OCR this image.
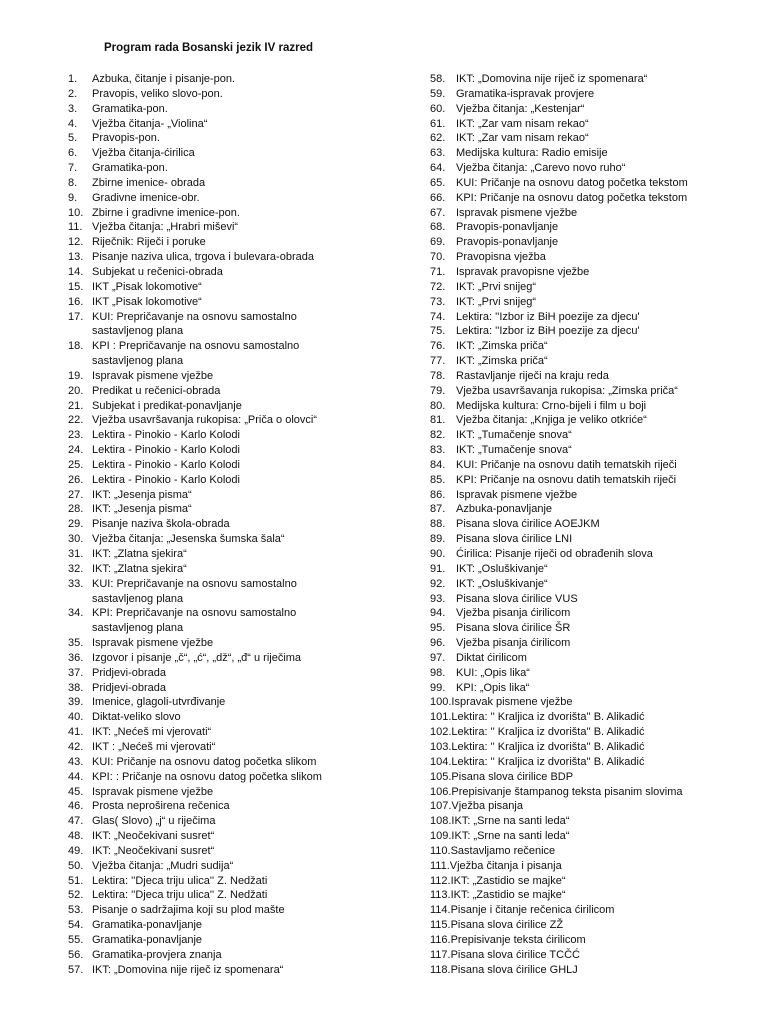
Program rada Bosanski jezik IV razred
1.	Azbuka, čitanje i pisanje-pon.
2.	Pravopis, veliko slovo-pon.
3.	Gramatika-pon.
4.	Vježba čitanja- „Violina“
5.	Pravopis-pon.
6.	Vježba čitanja-ćirilica
7.	Gramatika-pon.
8.	Zbirne imenice- obrada
9.	Gradivne imenice-obr.
10. Zbirne i gradivne imenice-pon.
11. Vježba čitanja: „Hrabri miševi“
12. Riječnik: Riječi i poruke
13. Pisanje naziva ulica, trgova i bulevara-obrada
14. Subjekat u rečenici-obrada
15. IKT „Pisak lokomotive“
16. IKT „Pisak lokomotive“
17. KUI: Prepričavanje na osnovu samostalno
sastavljenog plana
18. KPI : Prepričavanje na osnovu samostalno
sastavljenog plana
19. Ispravak pismene vježbe
20. Predikat u rečenici-obrada
21. Subjekat i predikat-ponavljanje
22. Vježba usavršavanja rukopisa: „Priča o olovci“
23. Lektira - Pinokio - Karlo Kolodi
24. Lektira - Pinokio - Karlo Kolodi
25. Lektira - Pinokio - Karlo Kolodi
26. Lektira - Pinokio - Karlo Kolodi
27. IKT: „Jesenja pisma“
28. IKT: „Jesenja pisma“
29. Pisanje naziva škola-obrada
30. Vježba čitanja: „Jesenska šumska šala“
31. IKT: „Zlatna sjekira“
32. IKT: „Zlatna sjekira“
33. KUI: Prepričavanje na osnovu samostalno
sastavljenog plana
34. KPI: Prepričavanje na osnovu samostalno
sastavljenog plana
35. Ispravak pismene vježbe
36. Izgovor i pisanje „č“, „ć“, „dž“, „đ“ u riječima
37. Pridjevi-obrada
38. Pridjevi-obrada
39. Imenice, glagoli-utvrđivanje
40. Diktat-veliko slovo
41. IKT: „Nećeš mi vjerovati“
42. IKT : „Nećeš mi vjerovati“
43. KUI: Pričanje na osnovu datog početka slikom
44. KPI: : Pričanje na osnovu datog početka slikom
45. Ispravak pismene vježbe
46. Prosta neproširena rečenica
47. Glas( Slovo) „j“ u riječima
48. IKT: „Neočekivani susret“
49. IKT: „Neočekivani susret“
50. Vježba čitanja: „Mudri sudija“
51. Lektira: ''Djeca triju ulica'' Z. Nedžati
52. Lektira: ''Djeca triju ulica'' Z. Nedžati
53. Pisanje o sadržajima koji su plod mašte
54. Gramatika-ponavljanje
55. Gramatika-ponavljanje
56. Gramatika-provjera znanja
57. IKT: „Domovina nije riječ iz spomenara“
58. IKT: „Domovina nije riječ iz spomenara“
59. Gramatika-ispravak provjere
60. Vježba čitanja: „Kestenjar“
61. IKT: „Zar vam nisam rekao“
62. IKT: „Zar vam nisam rekao“
63. Medijska kultura: Radio emisije
64. Vježba čitanja: „Carevo novo ruho“
65. KUI: Pričanje na osnovu datog početka tekstom
66. KPI: Pričanje na osnovu datog početka tekstom
67. Ispravak pismene vježbe
68. Pravopis-ponavljanje
69. Pravopis-ponavljanje
70. Pravopisna vježba
71. Ispravak pravopisne vježbe
72. IKT: „Prvi snijeg“
73. IKT: „Prvi snijeg“
74. Lektira: ''Izbor iz BiH poezije za djecu'
75. Lektira: ''Izbor iz BiH poezije za djecu'
76. IKT: „Zimska priča“
77. IKT: „Zimska priča“
78. Rastavljanje riječi na kraju reda
79. Vježba usavršavanja rukopisa: „Zimska priča“
80. Medijska kultura: Crno-bijeli i film u boji
81. Vježba čitanja: „Knjiga je veliko otkriće“
82. IKT: „Tumačenje snova“
83. IKT: „Tumačenje snova“
84. KUI: Pričanje na osnovu datih tematskih riječi
85. KPI: Pričanje na osnovu datih tematskih riječi
86. Ispravak pismene vježbe
87. Azbuka-ponavljanje
88. Pisana slova ćirilice AOEJKM
89. Pisana slova ćirilice LNI
90. Ćirilica: Pisanje riječi od obrađenih slova
91. IKT: „Osluškivanje“
92. IKT: „Osluškivanje“
93. Pisana slova ćirilice VUS
94. Vježba pisanja ćirilicom
95. Pisana slova ćirilice ŠR
96. Vježba pisanja ćirilicom
97. Diktat ćirilicom
98. KUI: „Opis lika“
99. KPI: „Opis lika“
100. Ispravak pismene vježbe
101. Lektira: '' Kraljica iz dvorišta'' B. Alikadić
102. Lektira: '' Kraljica iz dvorišta'' B. Alikadić
103. Lektira: '' Kraljica iz dvorišta'' B. Alikadić
104. Lektira: '' Kraljica iz dvorišta'' B. Alikadić
105. Pisana slova ćirilice BDP
106. Prepisivanje štampanog teksta pisanim slovima
107. Vježba pisanja
108. IKT: „Srne na santi leda“
109. IKT: „Srne na santi leda“
110. Sastavljamo rečenice
111. Vježba čitanja i pisanja
112. IKT: „Zastidio se majke“
113. IKT: „Zastidio se majke“
114. Pisanje i čitanje rečenica ćirilicom
115. Pisana slova ćirilice ZŽ
116. Prepisivanje teksta ćirilicom
117. Pisana slova ćirilice TCČĆ
118. Pisana slova ćirilice GHLJ
